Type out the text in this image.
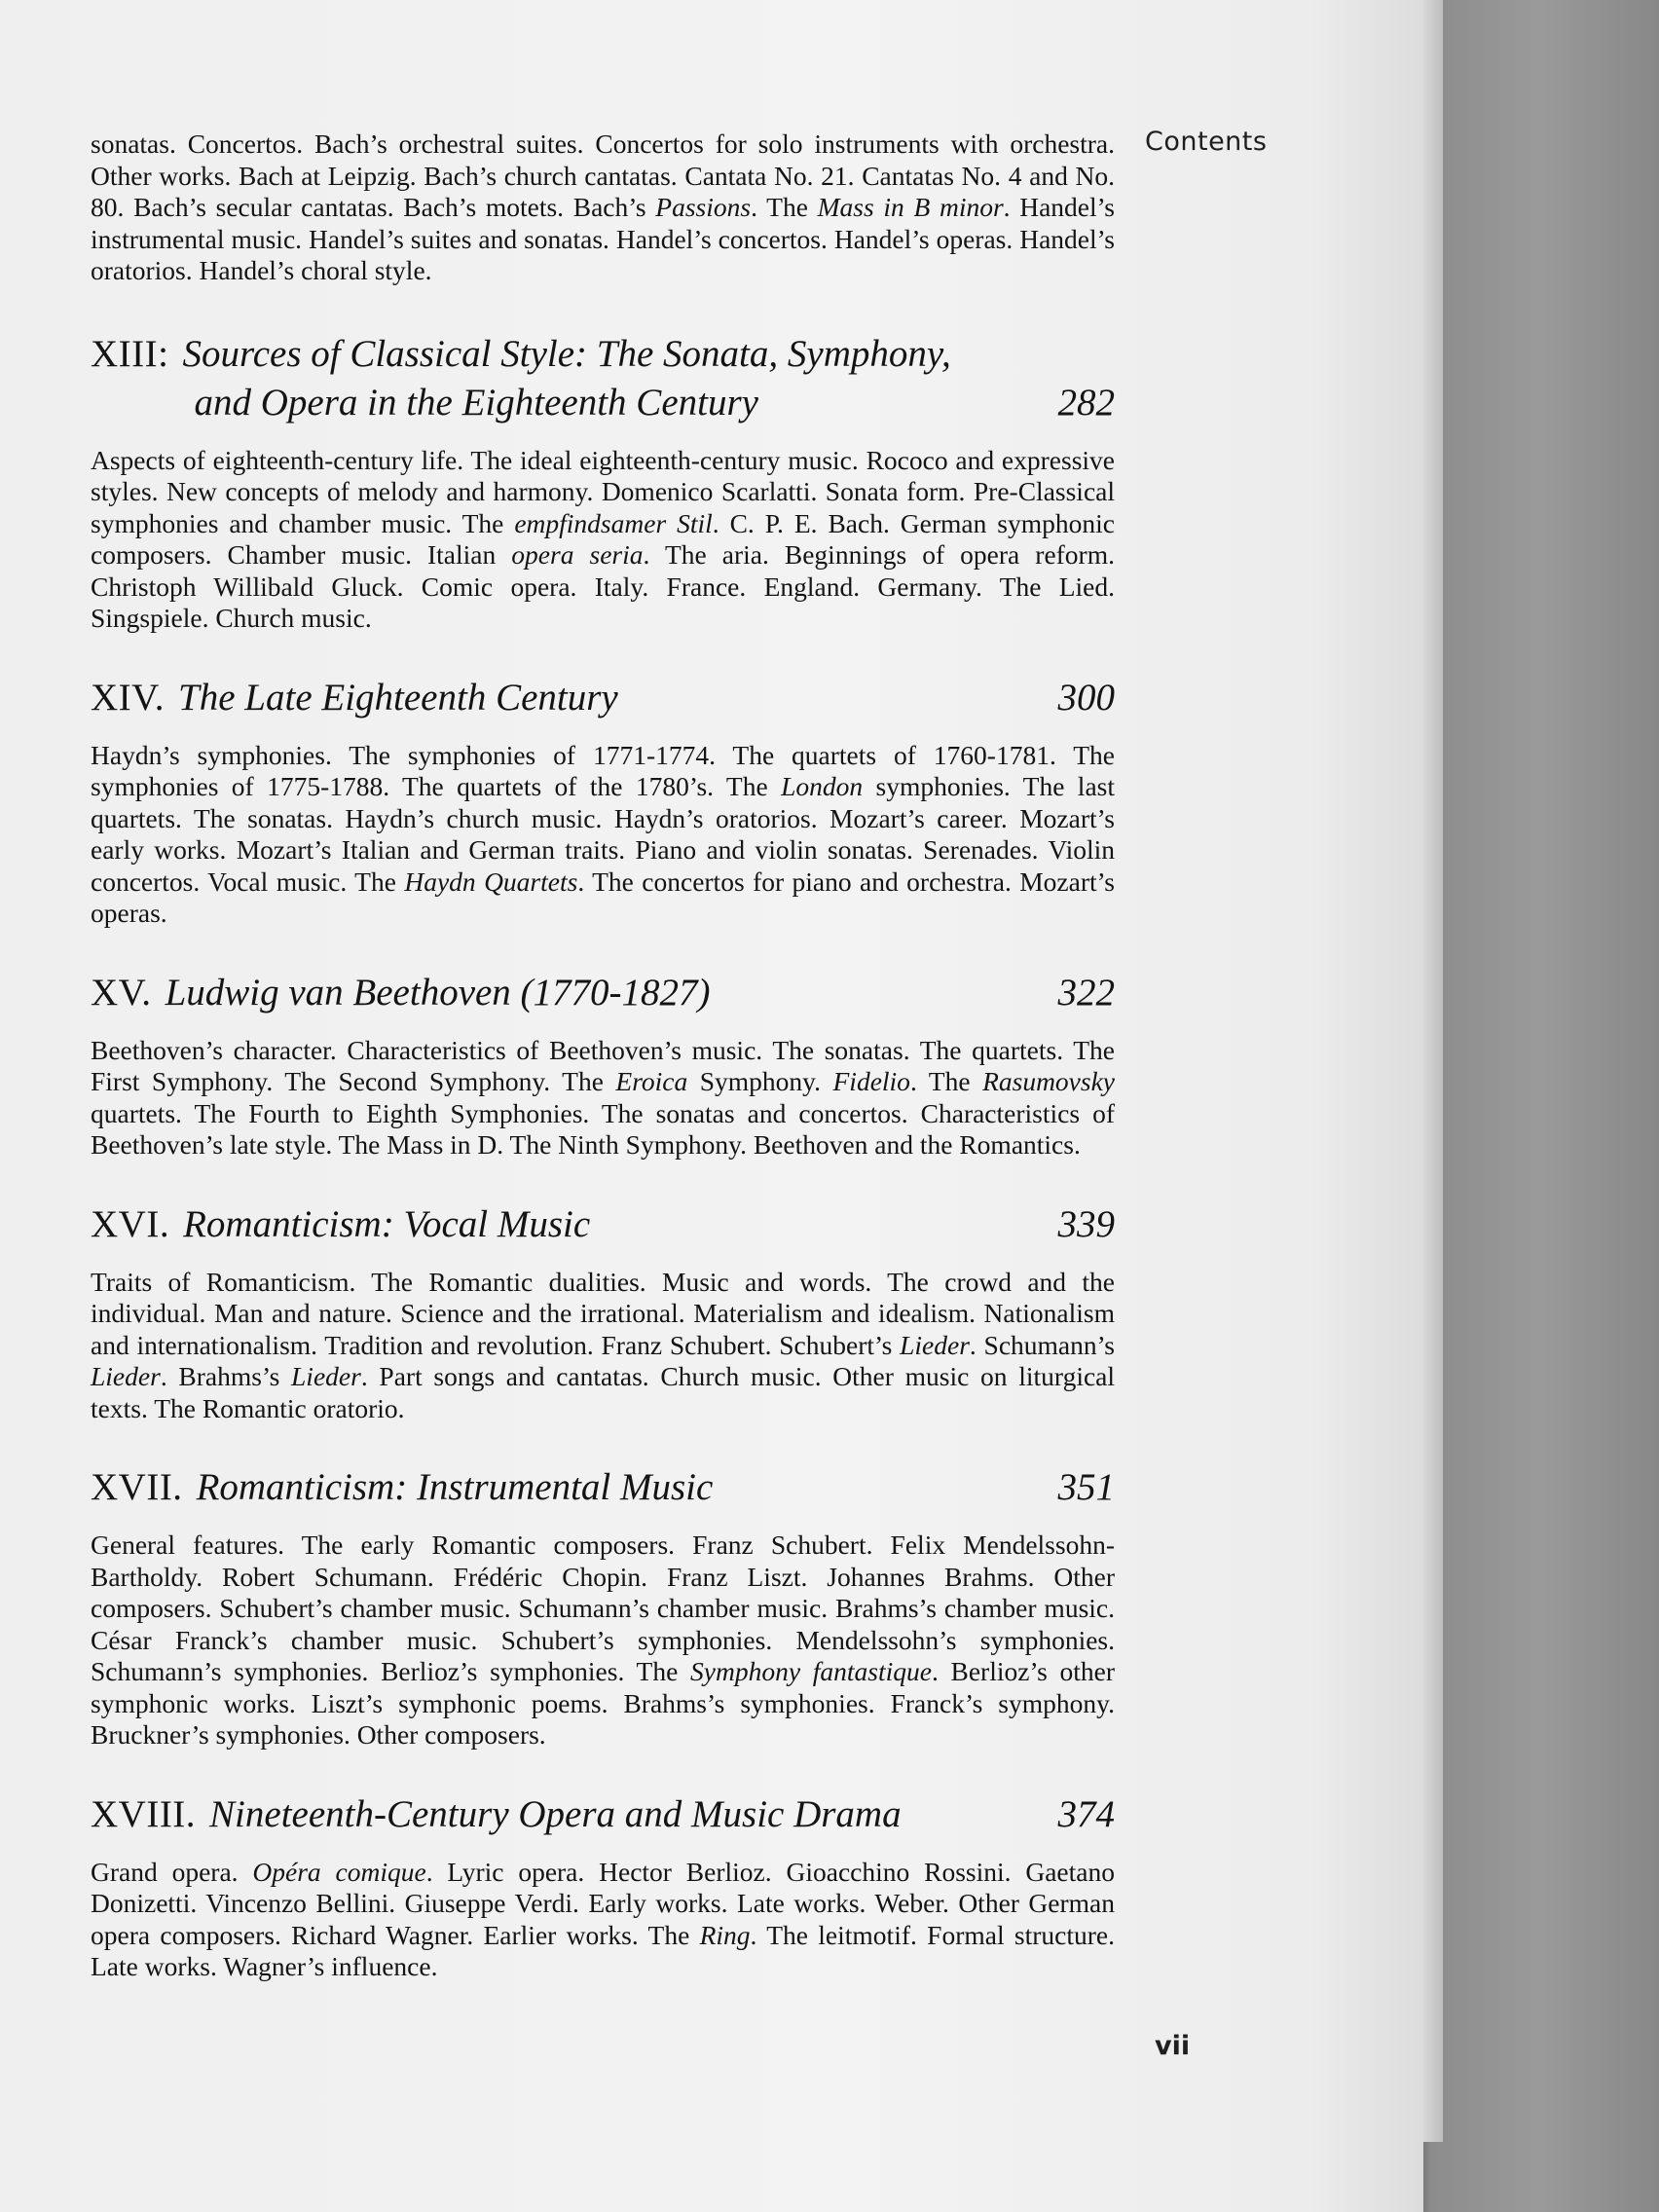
Contents

sonatas. Concertos. Bach’s orchestral suites. Concertos for solo instruments with orchestra. Other works. Bach at Leipzig. Bach’s church cantatas. Cantata No. 21. Cantatas No. 4 and No. 80. Bach’s secular cantatas. Bach’s motets. Bach’s Passions. The Mass in B minor. Handel’s instrumental music. Handel’s suites and sonatas. Handel’s concertos. Handel’s operas. Handel’s oratorios. Handel’s choral style.

XIII: Sources of Classical Style: The Sonata, Symphony,
and Opera in the Eighteenth Century	282

Aspects of eighteenth-century life. The ideal eighteenth-century music. Rococo and expressive styles. New concepts of melody and harmony. Domenico Scarlatti. Sonata form. Pre-Classical symphonies and chamber music. The empfindsamer Stil. C. P. E. Bach. German symphonic composers. Chamber music. Italian opera seria. The aria. Beginnings of opera reform. Christoph Willibald Gluck. Comic opera. Italy. France. England. Germany. The Lied. Singspiele. Church music.

XIV. The Late Eighteenth Century	300

Haydn’s symphonies. The symphonies of 1771-1774. The quartets of 1760-1781. The symphonies of 1775-1788. The quartets of the 1780’s. The London symphonies. The last quartets. The sonatas. Haydn’s church music. Haydn’s oratorios. Mozart’s career. Mozart’s early works. Mozart’s Italian and German traits. Piano and violin sonatas. Serenades. Violin concertos. Vocal music. The Haydn Quartets. The concertos for piano and orchestra. Mozart’s operas.

XV. Ludwig van Beethoven (1770-1827)	322

Beethoven’s character. Characteristics of Beethoven’s music. The sonatas. The quartets. The First Symphony. The Second Symphony. The Eroica Symphony. Fidelio. The Rasumovsky quartets. The Fourth to Eighth Symphonies. The sonatas and concertos. Characteristics of Beethoven’s late style. The Mass in D. The Ninth Symphony. Beethoven and the Romantics.

XVI. Romanticism: Vocal Music	339

Traits of Romanticism. The Romantic dualities. Music and words. The crowd and the individual. Man and nature. Science and the irrational. Materialism and idealism. Nationalism and internationalism. Tradition and revolution. Franz Schubert. Schubert’s Lieder. Schumann’s Lieder. Brahms’s Lieder. Part songs and cantatas. Church music. Other music on liturgical texts. The Romantic oratorio.

XVII. Romanticism: Instrumental Music	351

General features. The early Romantic composers. Franz Schubert. Felix Mendelssohn-Bartholdy. Robert Schumann. Frédéric Chopin. Franz Liszt. Johannes Brahms. Other composers. Schubert’s chamber music. Schumann’s chamber music. Brahms’s chamber music. César Franck’s chamber music. Schubert’s symphonies. Mendelssohn’s symphonies. Schumann’s symphonies. Berlioz’s symphonies. The Symphony fantastique. Berlioz’s other symphonic works. Liszt’s symphonic poems. Brahms’s symphonies. Franck’s symphony. Bruckner’s symphonies. Other composers.

XVIII. Nineteenth-Century Opera and Music Drama	374

Grand opera. Opéra comique. Lyric opera. Hector Berlioz. Gioacchino Rossini. Gaetano Donizetti. Vincenzo Bellini. Giuseppe Verdi. Early works. Late works. Weber. Other German opera composers. Richard Wagner. Earlier works. The Ring. The leitmotif. Formal structure. Late works. Wagner’s influence.

vii
